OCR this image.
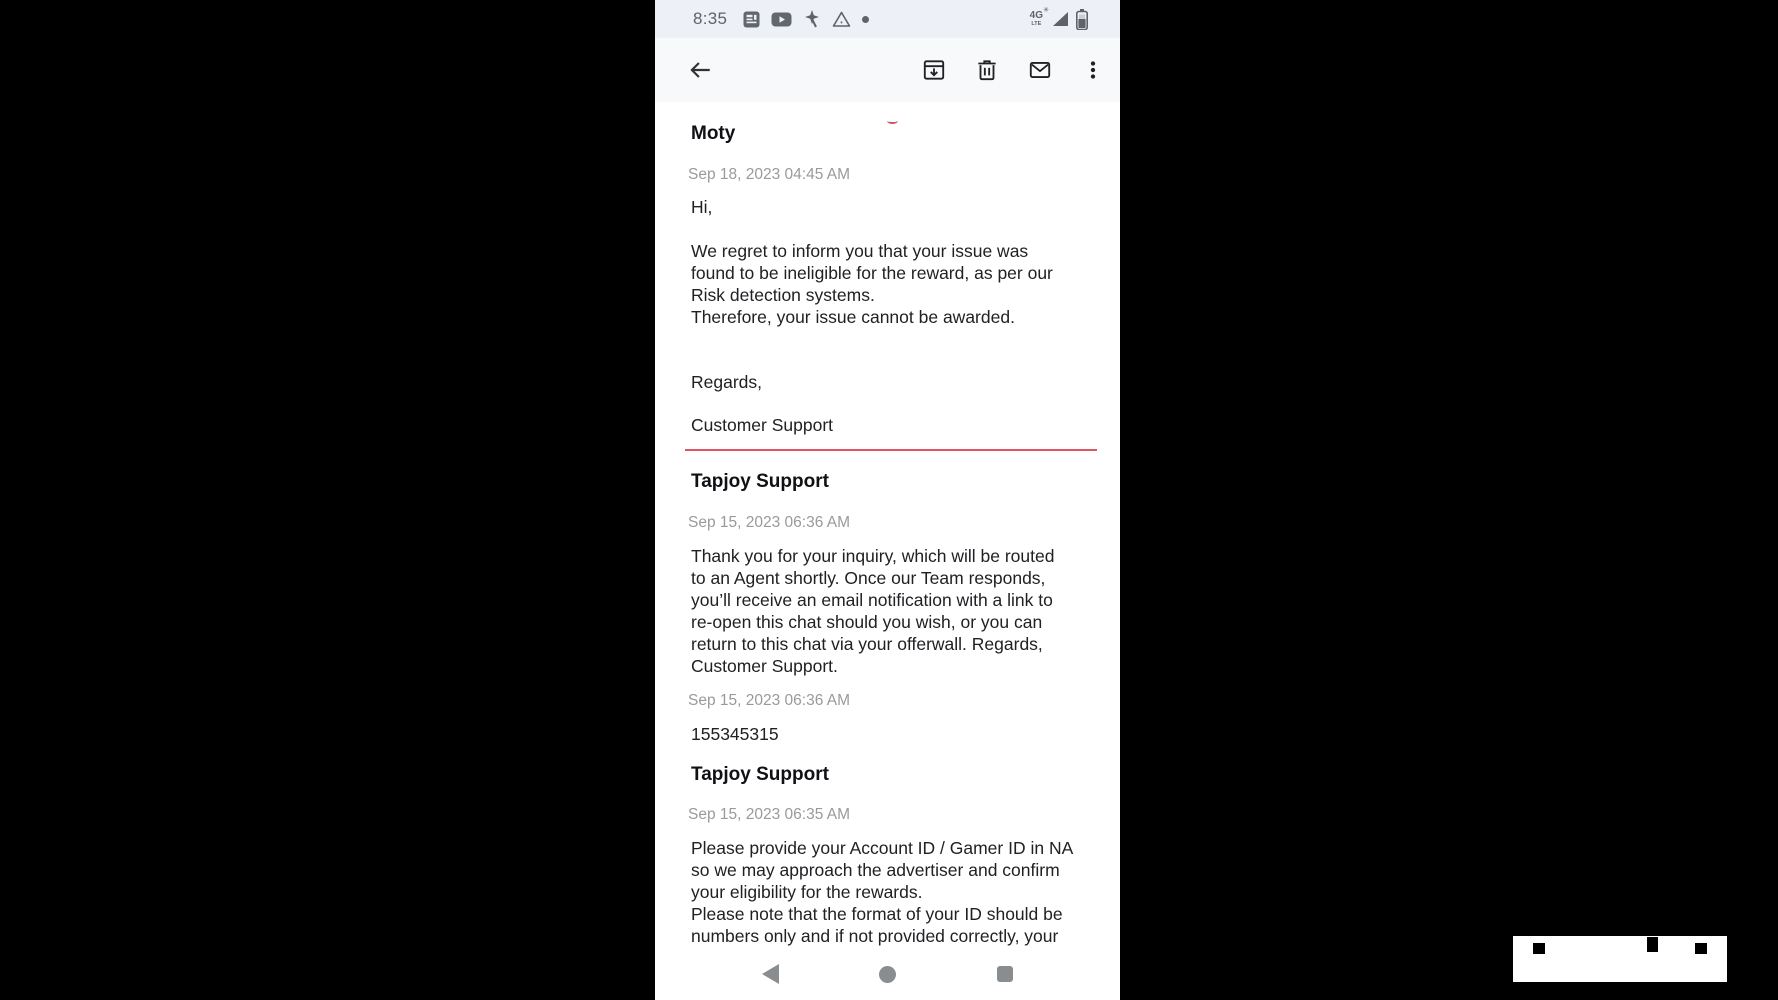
8:35	4G
LTE
✳
Moty
Sep 18, 2023 04:45 AM
Hi,
We regret to inform you that your issue was
found to be ineligible for the reward, as per our
Risk detection systems.
Therefore, your issue cannot be awarded.
Regards,
Customer Support
Tapjoy Support
Sep 15, 2023 06:36 AM
Thank you for your inquiry, which will be routed
to an Agent shortly. Once our Team responds,
you’ll receive an email notification with a link to
re-open this chat should you wish, or you can
return to this chat via your offerwall. Regards,
Customer Support.
Sep 15, 2023 06:36 AM
155345315
Tapjoy Support
Sep 15, 2023 06:35 AM
Please provide your Account ID / Gamer ID in NA
so we may approach the advertiser and confirm
your eligibility for the rewards.
Please note that the format of your ID should be
numbers only and if not provided correctly, your
